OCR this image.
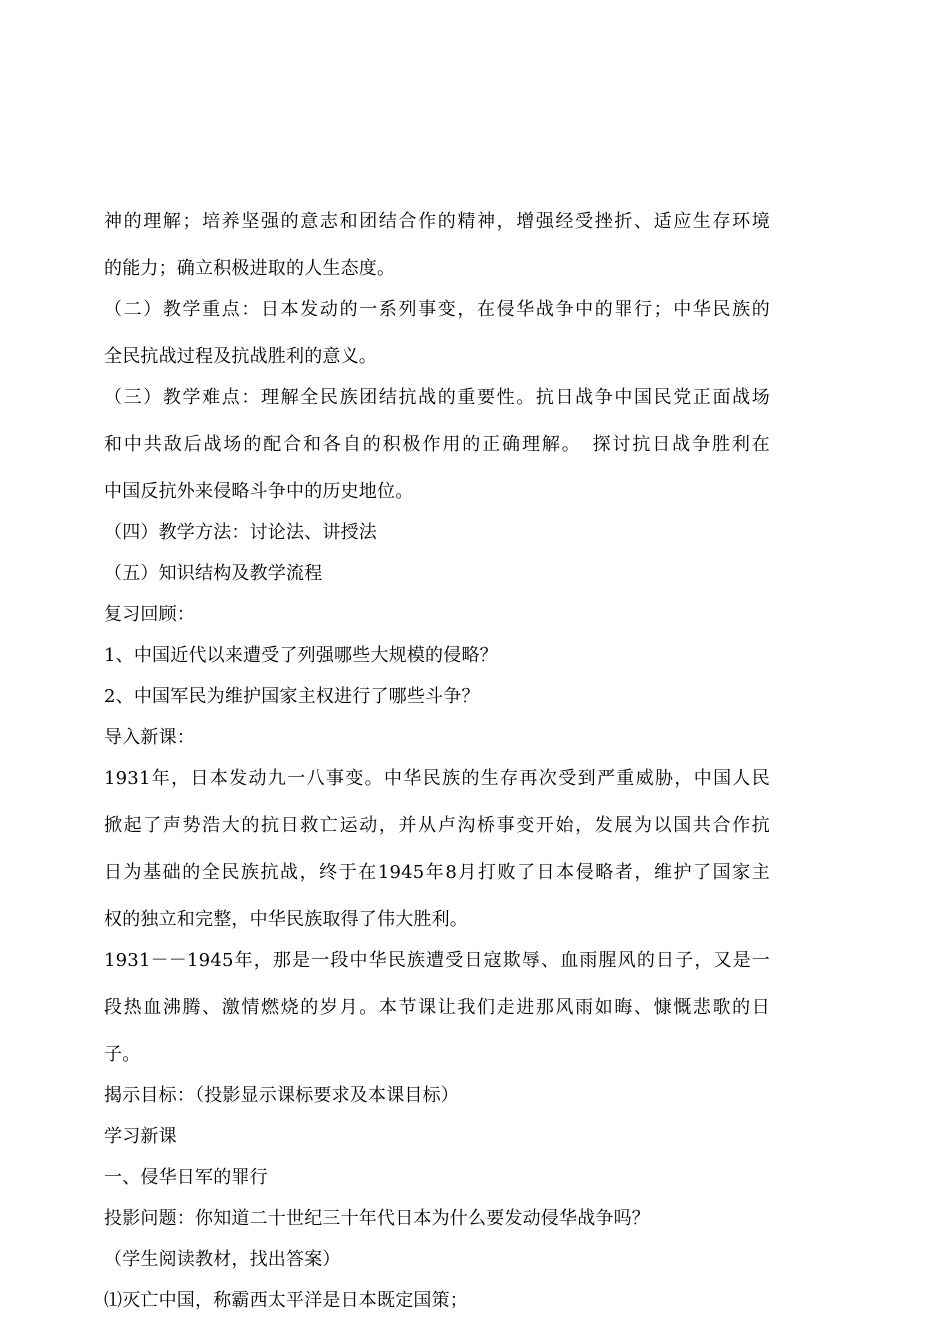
神的理解；培养坚强的意志和团结合作的精神，增强经受挫折、适应生存环境
的能力；确立积极进取的人生态度。
（二）教学重点：日本发动的一系列事变，在侵华战争中的罪行；中华民族的
全民抗战过程及抗战胜利的意义。
（三）教学难点：理解全民族团结抗战的重要性。抗日战争中国民党正面战场
和中共敌后战场的配合和各自的积极作用的正确理解。　探讨抗日战争胜利在
中国反抗外来侵略斗争中的历史地位。
（四）教学方法：讨论法、讲授法
（五）知识结构及教学流程
复习回顾：
1、中国近代以来遭受了列强哪些大规模的侵略？
2、中国军民为维护国家主权进行了哪些斗争？
导入新课：
1931年，日本发动九一八事变。中华民族的生存再次受到严重威胁，中国人民
掀起了声势浩大的抗日救亡运动，并从卢沟桥事变开始，发展为以国共合作抗
日为基础的全民族抗战，终于在1945年8月打败了日本侵略者，维护了国家主
权的独立和完整，中华民族取得了伟大胜利。
1931－－1945年，那是一段中华民族遭受日寇欺辱、血雨腥风的日子，又是一
段热血沸腾、激情燃烧的岁月。本节课让我们走进那风雨如晦、慷慨悲歌的日
子。
揭示目标：（投影显示课标要求及本课目标）
学习新课
一、侵华日军的罪行
投影问题：你知道二十世纪三十年代日本为什么要发动侵华战争吗？
（学生阅读教材，找出答案）
⑴灭亡中国，称霸西太平洋是日本既定国策；
